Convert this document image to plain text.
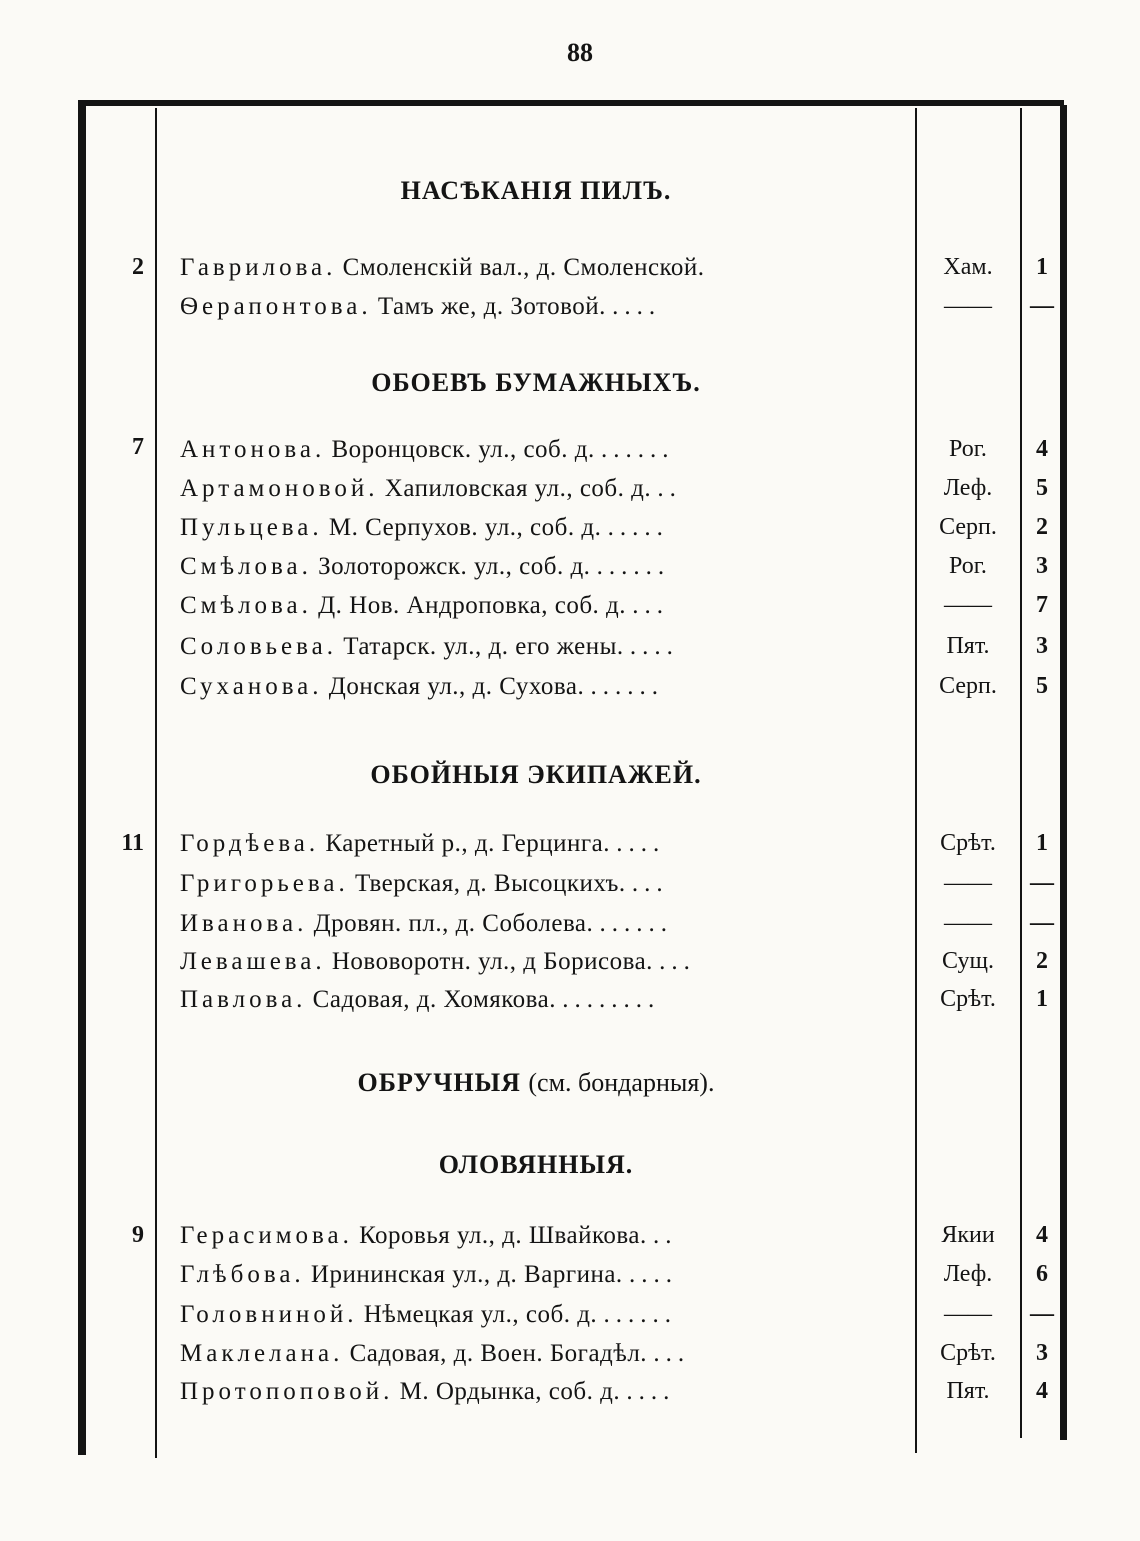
88
НАСѢКАНІЯ ПИЛЪ.
2 Гаврилова. Смоленскій вал., д. Смоленской.	Хам.	1
Ѳерапонтова. Тамъ же, д. Зотовой. ....	——	—
ОБОЕВЪ БУМАЖНЫХЪ.
7 Антонова. Воронцовск. ул., соб. д. ......	Рог.	4
Артамоновой. Хапиловская ул., соб. д. ..	Леф.	5
Пульцева. М. Серпухов. ул., соб. д. .....	Серп.	2
Смѣлова. Золоторожск. ул., соб. д. ......	Рог.	3
Смѣлова. Д. Нов. Андроповка, соб. д. ...	——	7
Соловьева. Татарск. ул., д. его жены. ....	Пят.	3
Суханова. Донская ул., д. Сухова. ......	Серп.	5
ОБОЙНЫЯ ЭКИПАЖЕЙ.
11 Гордѣева. Каретный р., д. Герцинга. ....	Срѣт.	1
Григорьева. Тверская, д. Высоцкихъ. ...	——	—
Иванова. Дровян. пл., д. Соболева. ......	——	—
Левашева. Нововоротн. ул., д Борисова. ...	Сущ.	2
Павлова. Садовая, д. Хомякова. ........	Срѣт.	1
ОБРУЧНЫЯ (см. бондарныя).
ОЛОВЯННЫЯ.
9 Герасимова. Коровья ул., д. Швайкова. ..	Якии	4
Глѣбова. Ирининская ул., д. Варгина. ....	Леф.	6
Головниной. Нѣмецкая ул., соб. д. ......	——	—
Маклелана. Садовая, д. Воен. Богадѣл. ...	Срѣт.	3
Протопоповой. М. Ордынка, соб. д. ....	Пят.	4
